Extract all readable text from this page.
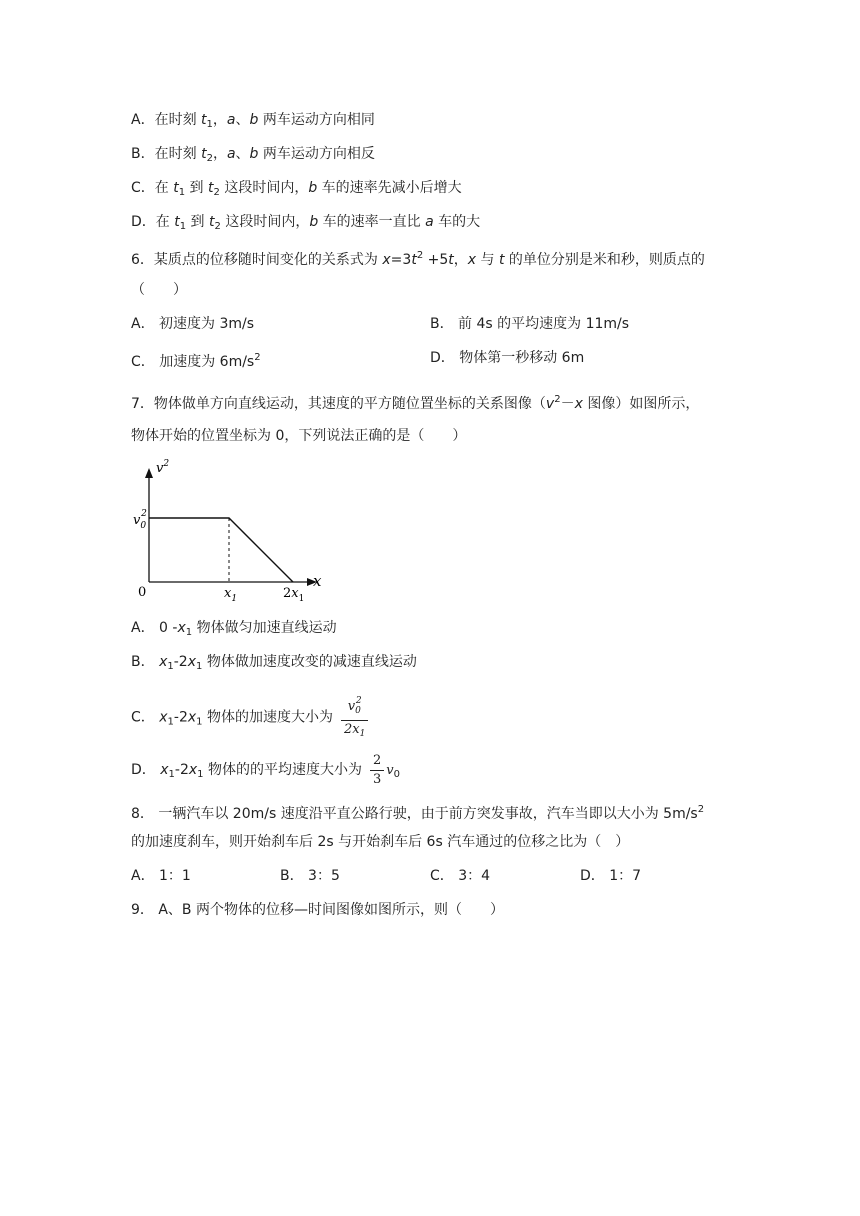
A．在时刻 $t_1$，a、b 两车运动方向相同
B．在时刻 $t_2$，a、b 两车运动方向相反
C．在 $t_1$ 到 $t_2$ 这段时间内，b 车的速率先减小后增大
D．在 $t_1$ 到 $t_2$ 这段时间内，b 车的速率一直比 a 车的大
6．某质点的位移随时间变化的关系式为 $x=3t^2 +5t$，x 与 t 的单位分别是米和秒，则质点的
（　　）
A． 初速度为 3m/s	B． 前 4s 的平均速度为 11m/s
C． 加速度为 $6m/s^2$	D． 物体第一秒移动 6m
7．物体做单方向直线运动，其速度的平方随位置坐标的关系图像（$v^2-x$ 图像）如图所示，
物体开始的位置坐标为 0，下列说法正确的是（　　）
$v^2$
$v_02$
0	$x_1$	$2x_1$
x
A． 0 $-x_1$ 物体做匀加速直线运动
B． $x_1-2x_1$ 物体做加速度改变的减速直线运动
C． $x_1-2x_1$ 物体的加速度大小为 $\frac{v_0^2}{2x_1}$
D． $x_1-2x_1$ 物体的的平均速度大小为 $\frac{2}{3} v_0$
8． 一辆汽车以 20m/s 速度沿平直公路行驶，由于前方突发事故，汽车当即以大小为 $5m/s^2$
的加速度刹车，则开始刹车后 2s 与开始刹车后 6s 汽车通过的位移之比为（　）
A． 1：1	B． 3：5	C． 3：4	D． 1：7
9． A、B 两个物体的位移—时间图像如图所示，则（　　）
